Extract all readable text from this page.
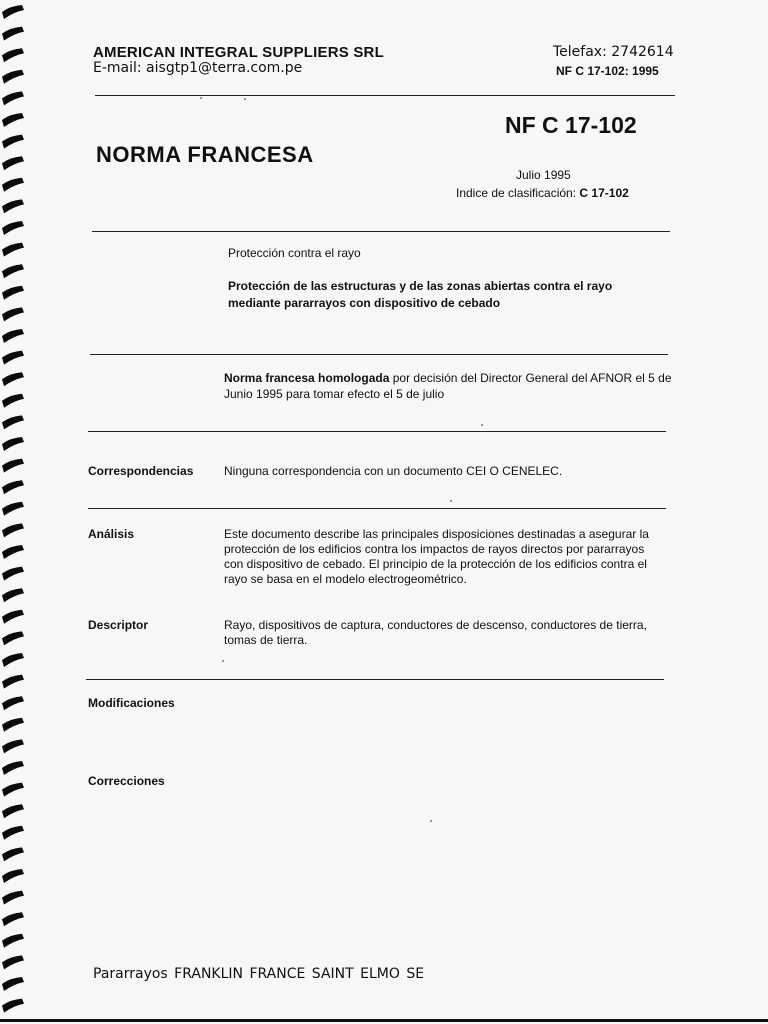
AMERICAN INTEGRAL SUPPLIERS SRL
E-mail: aisgtp1@terra.com.pe
Telefax: 2742614
NF C 17-102: 1995
NF C 17-102
NORMA FRANCESA
Julio 1995
Indice de clasificación: C 17-102
Protección contra el rayo
Protección de las estructuras y de las zonas abiertas contra el rayo mediante pararrayos con dispositivo de cebado
Norma francesa homologada por decisión del Director General del AFNOR el 5 de Junio 1995 para tomar efecto el 5 de julio
Correspondencias	Ninguna correspondencia con un documento CEI O CENELEC.
Análisis	Este documento describe las principales disposiciones destinadas a asegurar la protección de los edificios contra los impactos de rayos directos por pararrayos con dispositivo de cebado. El principio de la protección de los edificios contra el rayo se basa en el modelo electrogeométrico.
Descriptor	Rayo, dispositivos de captura, conductores de descenso, conductores de tierra, tomas de tierra.
Modificaciones
Correcciones
Pararrayos FRANKLIN FRANCE SAINT ELMO SE
